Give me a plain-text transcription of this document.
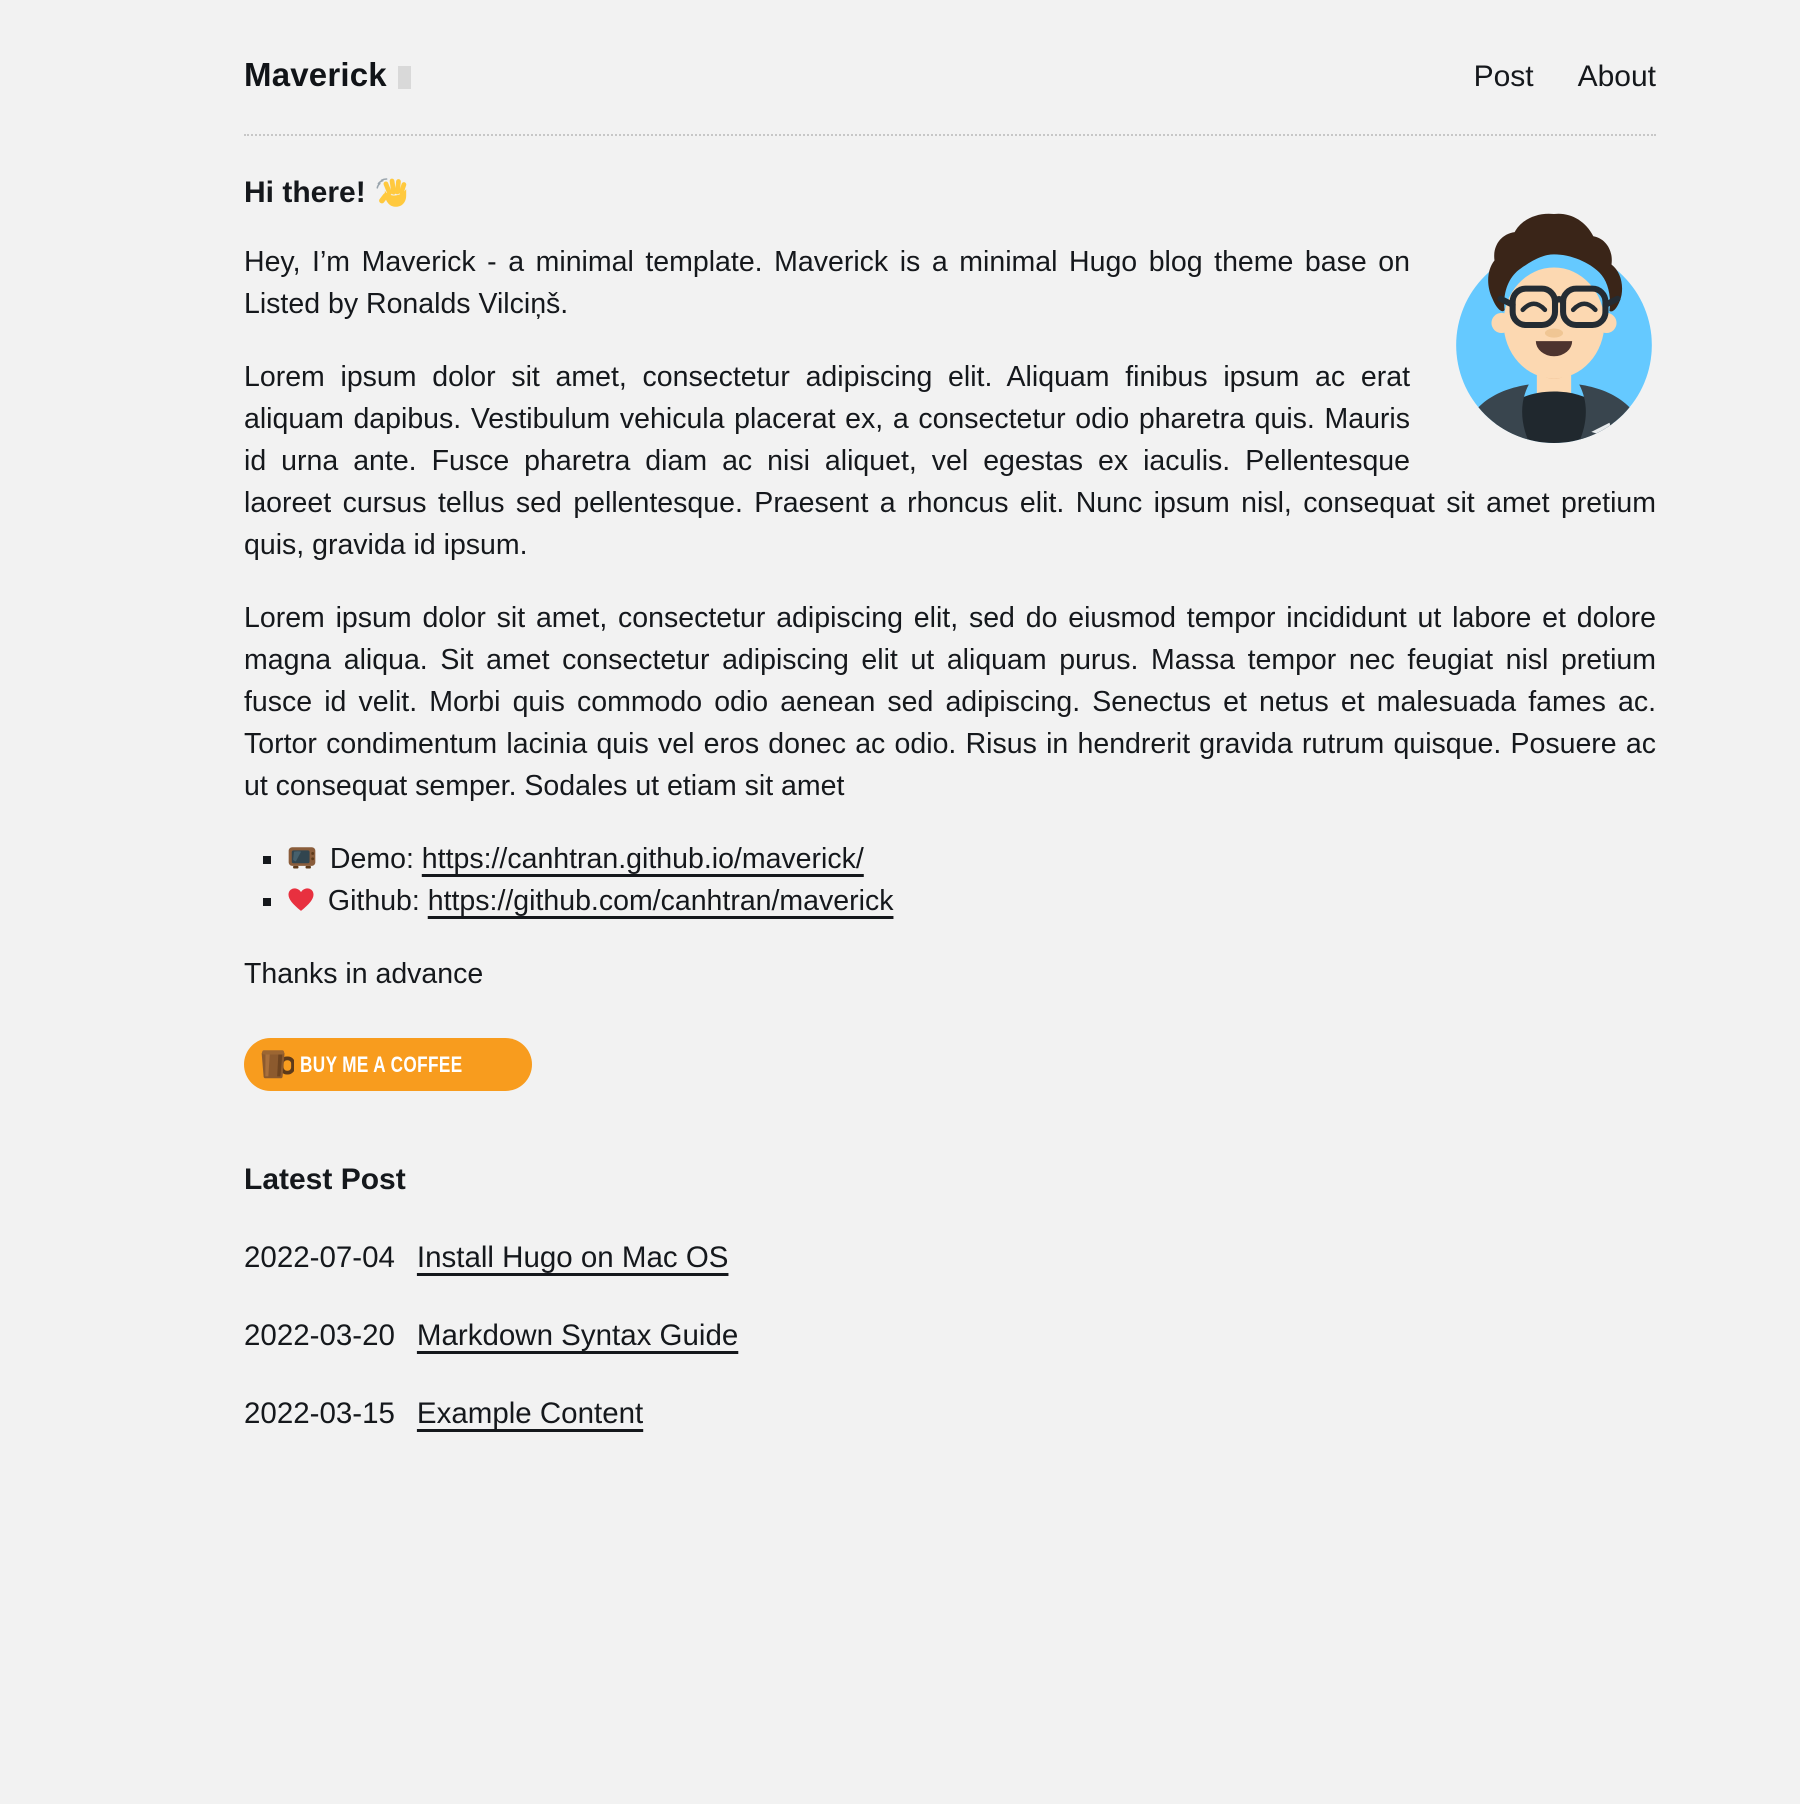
Maverick	Post About
Hi there!

Hey, I’m Maverick - a minimal template. Maverick is a minimal Hugo blog theme base on Listed by Ronalds Vilciņš.

Lorem ipsum dolor sit amet, consectetur adipiscing elit. Aliquam finibus ipsum ac erat aliquam dapibus. Vestibulum vehicula placerat ex, a consectetur odio pharetra quis. Mauris id urna ante. Fusce pharetra diam ac nisi aliquet, vel egestas ex iaculis. Pellentesque laoreet cursus tellus sed pellentesque. Praesent a rhoncus elit. Nunc ipsum nisl, consequat sit amet pretium quis, gravida id ipsum.

Lorem ipsum dolor sit amet, consectetur adipiscing elit, sed do eiusmod tempor incididunt ut labore et dolore magna aliqua. Sit amet consectetur adipiscing elit ut aliquam purus. Massa tempor nec feugiat nisl pretium fusce id velit. Morbi quis commodo odio aenean sed adipiscing. Senectus et netus et malesuada fames ac. Tortor condimentum lacinia quis vel eros donec ac odio. Risus in hendrerit gravida rutrum quisque. Posuere ac ut consequat semper. Sodales ut etiam sit amet

▪ Demo: https://canhtran.github.io/maverick/
▪ Github: https://github.com/canhtran/maverick

Thanks in advance

BUY ME A COFFEE
Latest Post
2022-07-04 Install Hugo on Mac OS
2022-03-20 Markdown Syntax Guide
2022-03-15 Example Content
